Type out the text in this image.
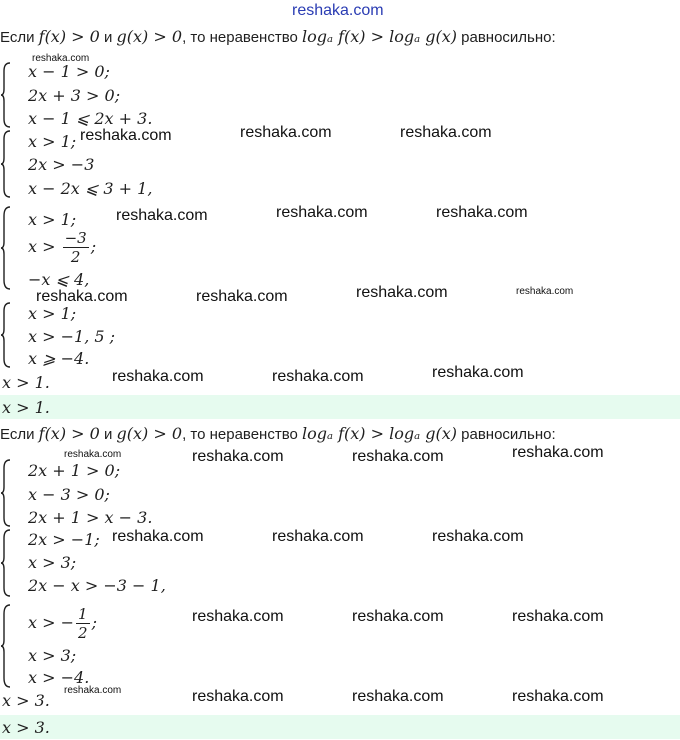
reshaka.com
Если f(x) > 0 и g(x) > 0, то неравенство logₐ f(x) > logₐ g(x) равносильно:
x − 1 > 0;
2x + 3 > 0;
x − 1 ⩽ 2x + 3.
x > 1;
2x > −3
x − 2x ⩽ 3 + 1,
x > 1;
$x > \frac{-3}{2}$ ;
−x ⩽ 4,
x > 1;
x > −1, 5 ;
x ⩾ −4.
x > 1.
x > 1.
Если f(x) > 0 и g(x) > 0, то неравенство logₐ f(x) > logₐ g(x) равносильно:
2x + 1 > 0;
x − 3 > 0;
2x + 1 > x − 3.
2x > −1;
x > 3;
2x − x > −3 − 1,
x > − $\frac{1}{2}$ ;
x > 3;
x > −4.
x > 3.
x > 3.
reshaka.com
reshaka.com	reshaka.com	reshaka.com
reshaka.com	reshaka.com	reshaka.com
reshaka.com	reshaka.com	reshaka.com	reshaka.com
reshaka.com	reshaka.com	reshaka.com
reshaka.com	reshaka.com	reshaka.com	reshaka.com
reshaka.com	reshaka.com	reshaka.com
reshaka.com	reshaka.com	reshaka.com
reshaka.com	reshaka.com	reshaka.com	reshaka.com
